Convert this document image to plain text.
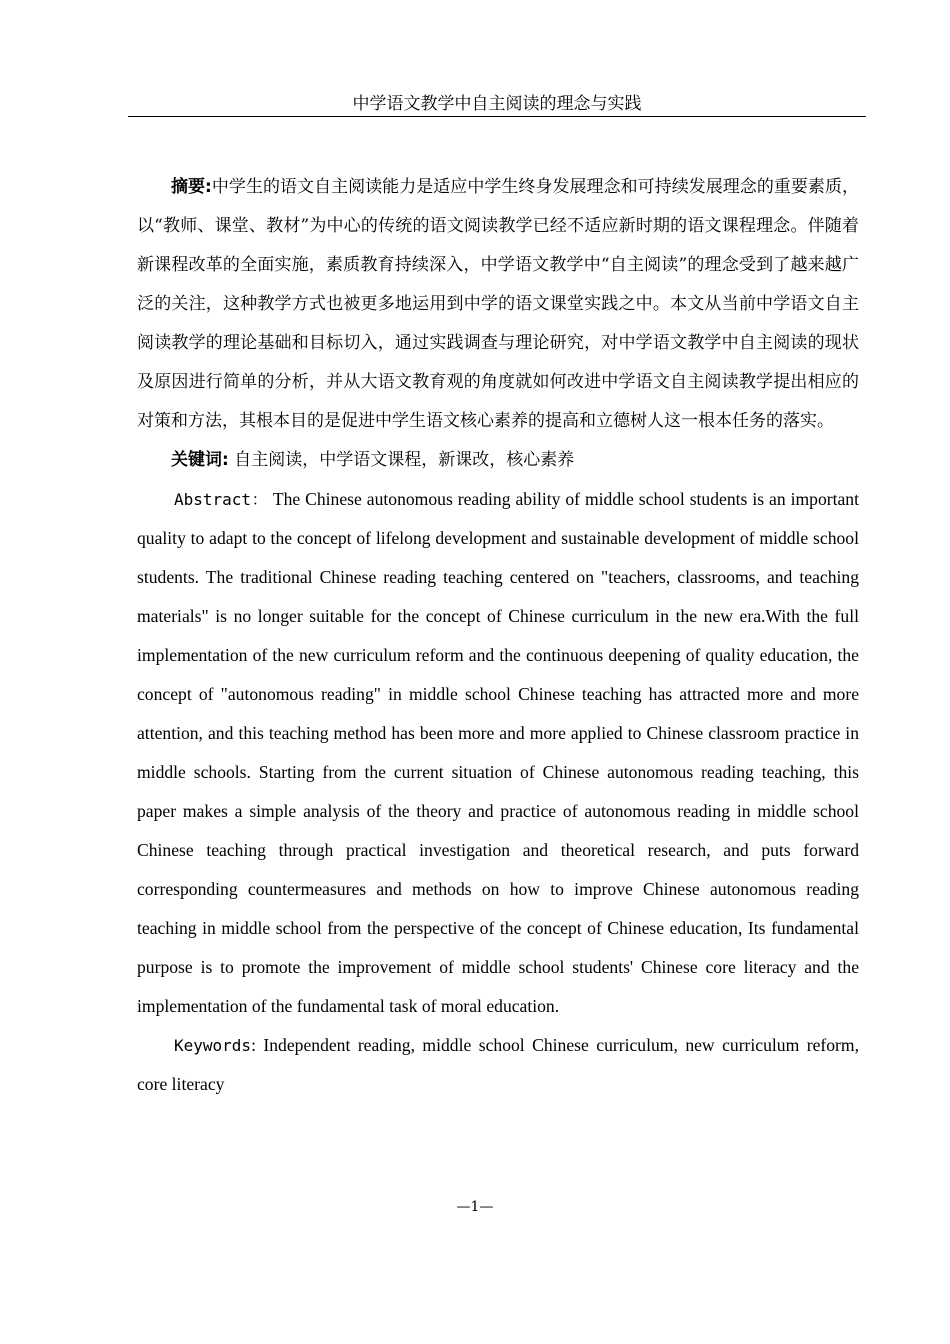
中学语文教学中自主阅读的理念与实践

摘要:中学生的语文自主阅读能力是适应中学生终身发展理念和可持续发展理念的重要素质，以“教师、课堂、教材”为中心的传统的语文阅读教学已经不适应新时期的语文课程理念。伴随着新课程改革的全面实施，素质教育持续深入，中学语文教学中“自主阅读”的理念受到了越来越广泛的关注，这种教学方式也被更多地运用到中学的语文课堂实践之中。本文从当前中学语文自主阅读教学的理论基础和目标切入，通过实践调查与理论研究，对中学语文教学中自主阅读的现状及原因进行简单的分析，并从大语文教育观的角度就如何改进中学语文自主阅读教学提出相应的对策和方法，其根本目的是促进中学生语文核心素养的提高和立德树人这一根本任务的落实。

关键词: 自主阅读，中学语文课程，新课改，核心素养

Abstract： The Chinese autonomous reading ability of middle school students is an important quality to adapt to the concept of lifelong development and sustainable development of middle school students. The traditional Chinese reading teaching centered on "teachers, classrooms, and teaching materials" is no longer suitable for the concept of Chinese curriculum in the new era.With the full implementation of the new curriculum reform and the continuous deepening of quality education, the concept of "autonomous reading" in middle school Chinese teaching has attracted more and more attention, and this teaching method has been more and more applied to Chinese classroom practice in middle schools. Starting from the current situation of Chinese autonomous reading teaching, this paper makes a simple analysis of the theory and practice of autonomous reading in middle school Chinese teaching through practical investigation and theoretical research, and puts forward corresponding countermeasures and methods on how to improve Chinese autonomous reading teaching in middle school from the perspective of the concept of Chinese education, Its fundamental purpose is to promote the improvement of middle school students' Chinese core literacy and the implementation of the fundamental task of moral education.

Keywords: Independent reading, middle school Chinese curriculum, new curriculum reform, core literacy

—1—
